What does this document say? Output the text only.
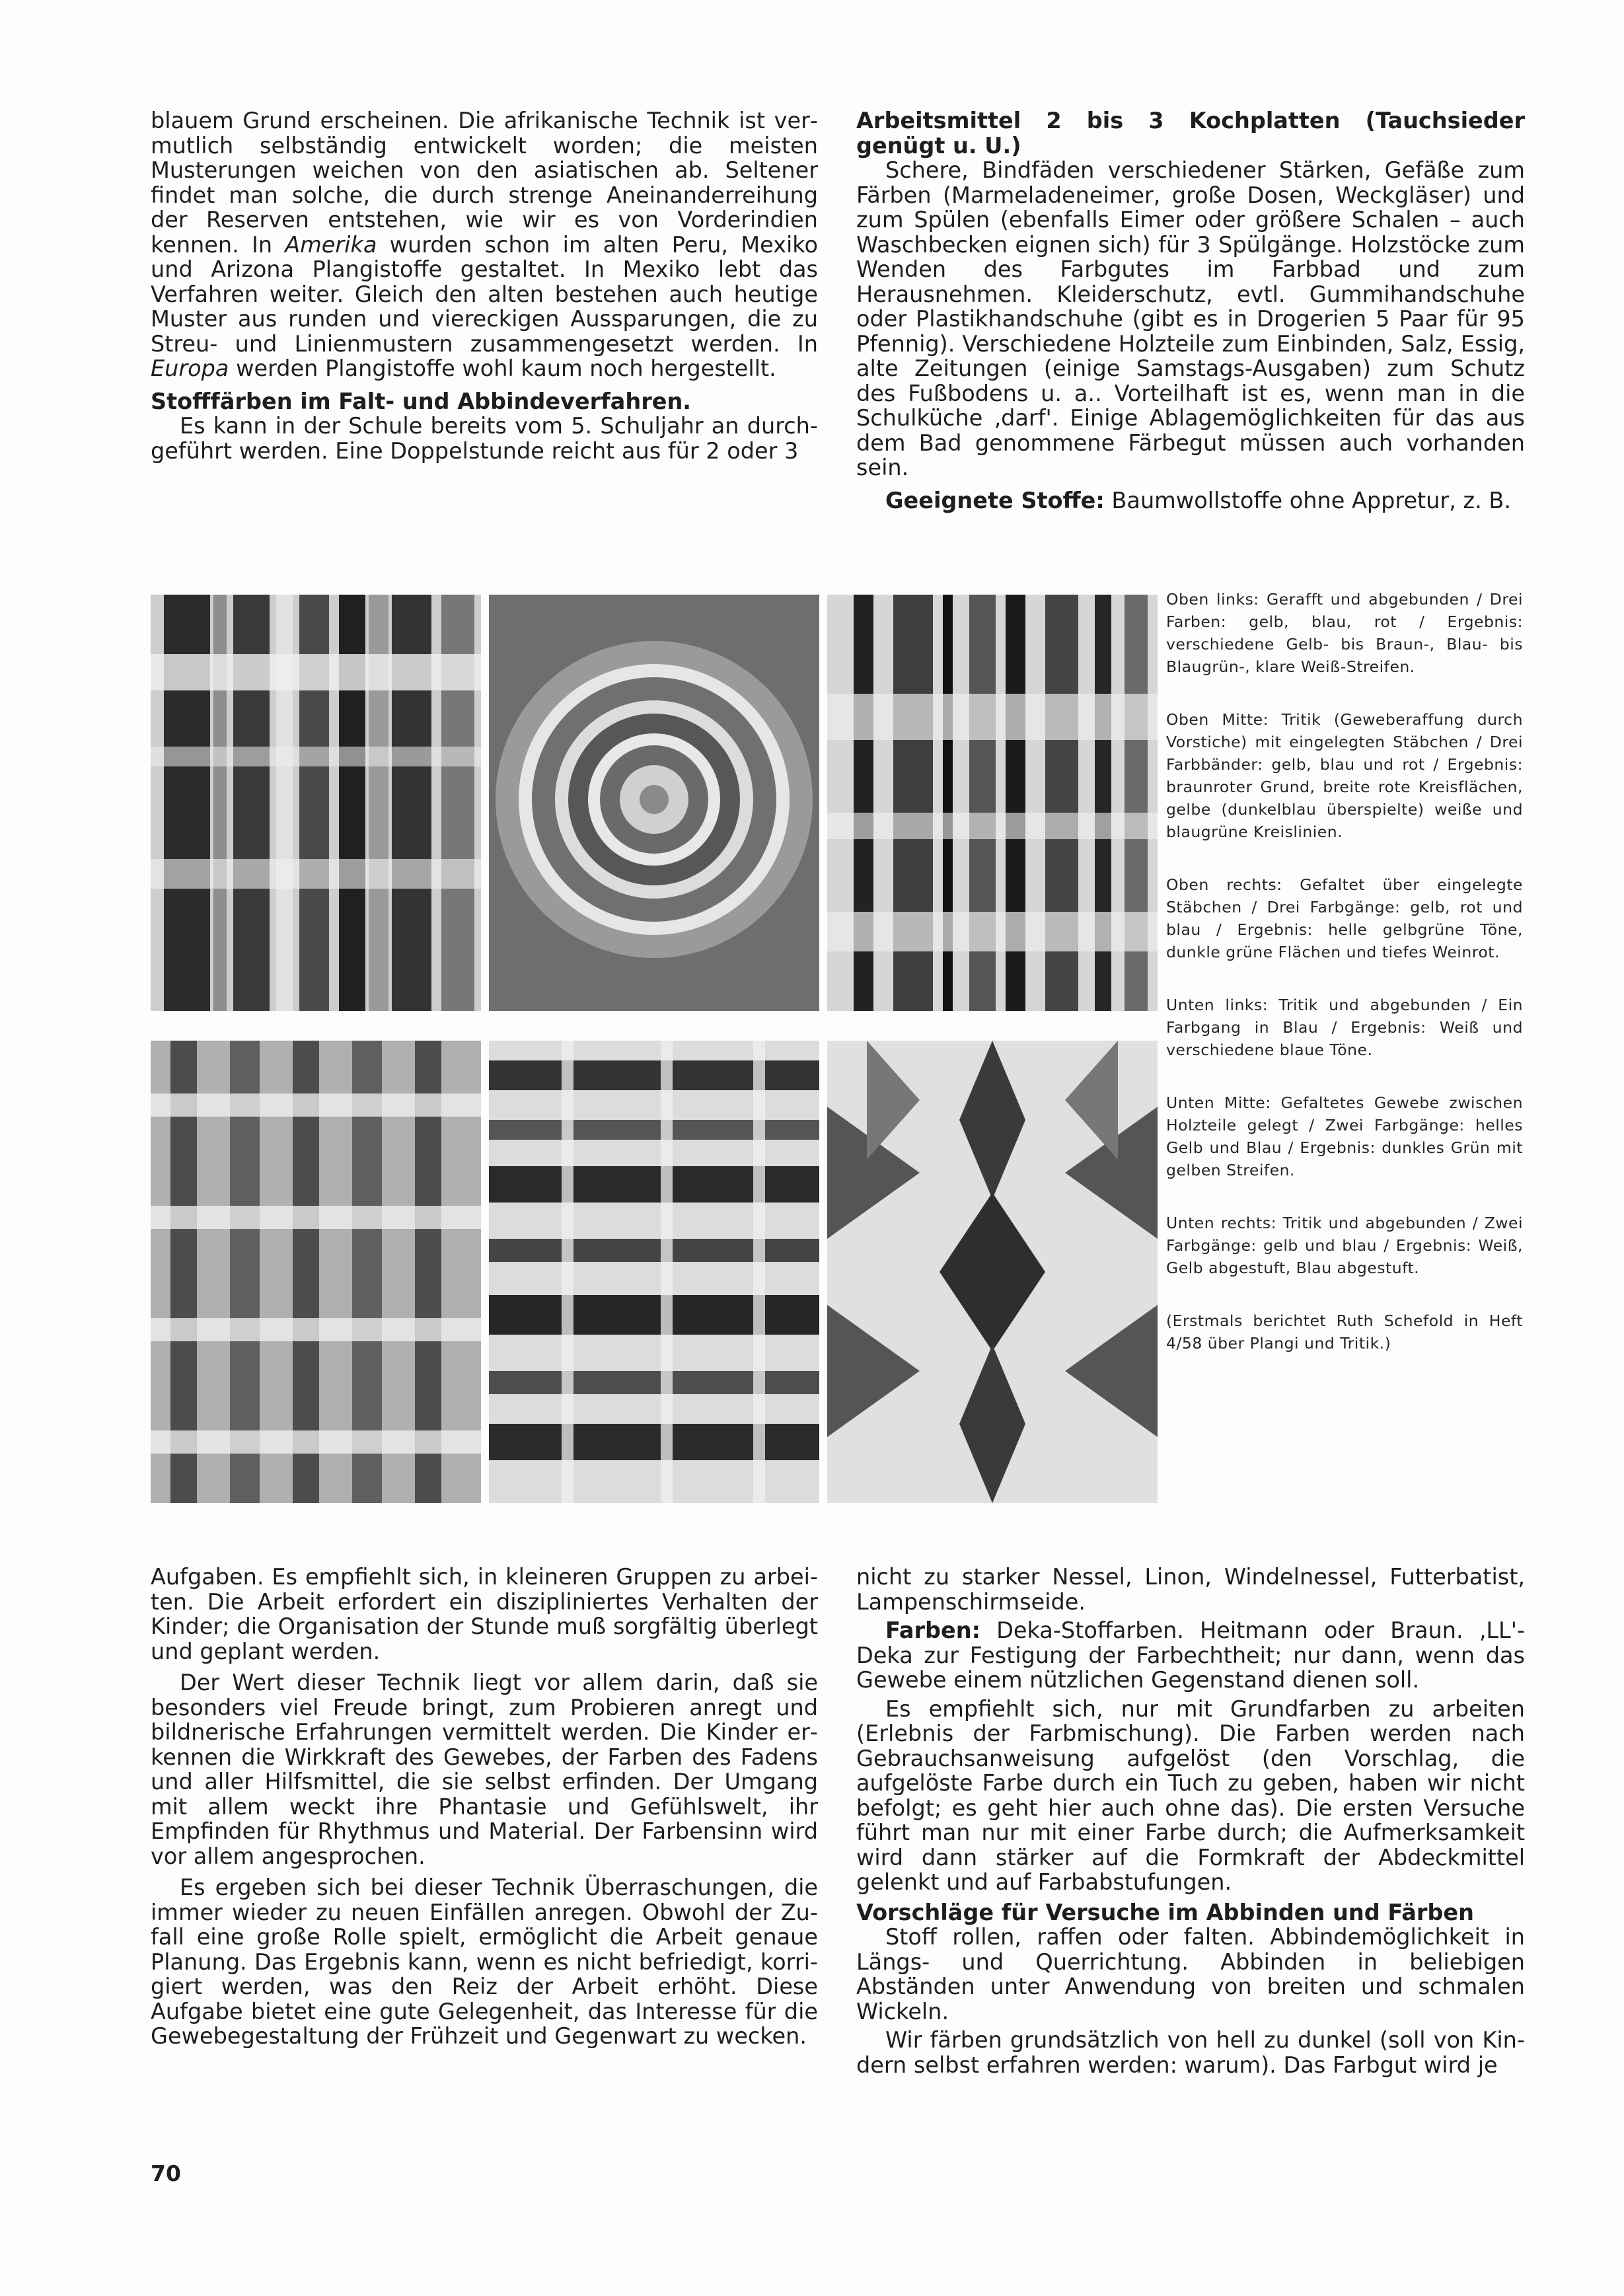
blauem Grund erscheinen. Die afrikanische Technik ist vermutlich selbständig entwickelt worden; die meisten Musterungen weichen von den asiatischen ab. Seltener findet man solche, die durch strenge Aneinanderreihung der Reserven entstehen, wie wir es von Vorderindien kennen. In Amerika wurden schon im alten Peru, Mexiko und Arizona Plangistoffe gestaltet. In Mexiko lebt das Verfahren weiter. Gleich den alten bestehen auch heutige Muster aus runden und viereckigen Aussparungen, die zu Streu- und Linienmustern zusammengesetzt werden. In Europa werden Plangistoffe wohl kaum noch hergestellt.

Stofffärben im Falt- und Abbindeverfahren.

Es kann in der Schule bereits vom 5. Schuljahr an durchgeführt werden. Eine Doppelstunde reicht aus für 2 oder 3

Arbeitsmittel 2 bis 3 Kochplatten (Tauchsieder genügt u. U.)

Schere, Bindfäden verschiedener Stärken, Gefäße zum Färben (Marmeladeneimer, große Dosen, Weckgläser) und zum Spülen (ebenfalls Eimer oder größere Schalen – auch Waschbecken eignen sich) für 3 Spülgänge. Holzstöcke zum Wenden des Farbgutes im Farbbad und zum Herausnehmen. Kleiderschutz, evtl. Gummihandschuhe oder Plastikhandschuhe (gibt es in Drogerien 5 Paar für 95 Pfennig). Verschiedene Holzteile zum Einbinden, Salz, Essig, alte Zeitungen (einige Samstags-Ausgaben) zum Schutz des Fußbodens u. a.. Vorteilhaft ist es, wenn man in die Schulküche ‚darf'. Einige Ablagemöglichkeiten für das aus dem Bad genommene Färbegut müssen auch vorhanden sein.

Geeignete Stoffe: Baumwollstoffe ohne Appretur, z. B.

Oben links: Gerafft und abgebunden / Drei Farben: gelb, blau, rot / Ergebnis: verschiedene Gelb- bis Braun-, Blau- bis Blaugrün-, klare Weiß-Streifen.

Oben Mitte: Tritik (Geweberaffung durch Vorstiche) mit eingelegten Stäbchen / Drei Farbbänder: gelb, blau und rot / Ergebnis: braunroter Grund, breite rote Kreisflächen, gelbe (dunkelblau überspielte) weiße und blaugrüne Kreislinien.

Oben rechts: Gefaltet über eingelegte Stäbchen / Drei Farbgänge: gelb, rot und blau / Ergebnis: helle gelbgrüne Töne, dunkle grüne Flächen und tiefes Weinrot.

Unten links: Tritik und abgebunden / Ein Farbgang in Blau / Ergebnis: Weiß und verschiedene blaue Töne.

Unten Mitte: Gefaltetes Gewebe zwischen Holzteile gelegt / Zwei Farbgänge: helles Gelb und Blau / Ergebnis: dunkles Grün mit gelben Streifen.

Unten rechts: Tritik und abgebunden / Zwei Farbgänge: gelb und blau / Ergebnis: Weiß, Gelb abgestuft, Blau abgestuft.

(Erstmals berichtet Ruth Schefold in Heft 4/58 über Plangi und Tritik.)

Aufgaben. Es empfiehlt sich, in kleineren Gruppen zu arbeiten. Die Arbeit erfordert ein diszipliniertes Verhalten der Kinder; die Organisation der Stunde muß sorgfältig überlegt und geplant werden.

Der Wert dieser Technik liegt vor allem darin, daß sie besonders viel Freude bringt, zum Probieren anregt und bildnerische Erfahrungen vermittelt werden. Die Kinder erkennen die Wirkkraft des Gewebes, der Farben des Fadens und aller Hilfsmittel, die sie selbst erfinden. Der Umgang mit allem weckt ihre Phantasie und Gefühlswelt, ihr Empfinden für Rhythmus und Material. Der Farbensinn wird vor allem angesprochen.

Es ergeben sich bei dieser Technik Überraschungen, die immer wieder zu neuen Einfällen anregen. Obwohl der Zufall eine große Rolle spielt, ermöglicht die Arbeit genaue Planung. Das Ergebnis kann, wenn es nicht befriedigt, korrigiert werden, was den Reiz der Arbeit erhöht. Diese Aufgabe bietet eine gute Gelegenheit, das Interesse für die Gewebegestaltung der Frühzeit und Gegenwart zu wecken.

nicht zu starker Nessel, Linon, Windelnessel, Futterbatist, Lampenschirmseide.

Farben: Deka-Stoffarben. Heitmann oder Braun. ‚LL'-Deka zur Festigung der Farbechtheit; nur dann, wenn das Gewebe einem nützlichen Gegenstand dienen soll.

Es empfiehlt sich, nur mit Grundfarben zu arbeiten (Erlebnis der Farbmischung). Die Farben werden nach Gebrauchsanweisung aufgelöst (den Vorschlag, die aufgelöste Farbe durch ein Tuch zu geben, haben wir nicht befolgt; es geht hier auch ohne das). Die ersten Versuche führt man nur mit einer Farbe durch; die Aufmerksamkeit wird dann stärker auf die Formkraft der Abdeckmittel gelenkt und auf Farbabstufungen.

Vorschläge für Versuche im Abbinden und Färben

Stoff rollen, raffen oder falten. Abbindemöglichkeit in Längs- und Querrichtung. Abbinden in beliebigen Abständen unter Anwendung von breiten und schmalen Wickeln.

Wir färben grundsätzlich von hell zu dunkel (soll von Kindern selbst erfahren werden: warum). Das Farbgut wird je

70
